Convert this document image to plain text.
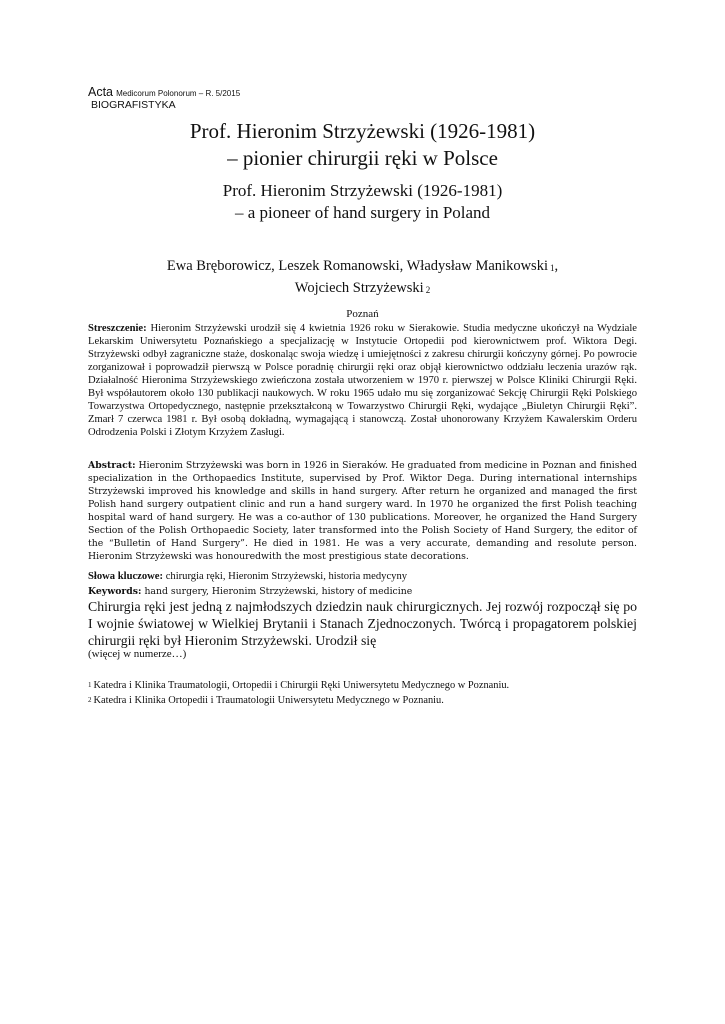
Acta Medicorum Polonorum – R. 5/2015
BIOGRAFISTYKA
Prof. Hieronim Strzyżewski (1926-1981)
– pionier chirurgii ręki w Polsce
Prof. Hieronim Strzyżewski (1926-1981)
– a pioneer of hand surgery in Poland
Ewa Bręborowicz, Leszek Romanowski, Władysław Manikowski $^1$,
Wojciech Strzyżewski $^2$
Poznań
Streszczenie: Hieronim Strzyżewski urodził się 4 kwietnia 1926 roku w Sierakowie. Studia medyczne ukończył na Wydziale Lekarskim Uniwersytetu Poznańskiego a specjalizację w Instytucie Ortopedii pod kierownictwem prof. Wiktora Degi. Strzyżewski odbył zagraniczne staże, doskonaląc swoja wiedzę i umiejętności z zakresu chirurgii kończyny górnej. Po powrocie zorganizował i poprowadził pierwszą w Polsce poradnię chirurgii ręki oraz objął kierownictwo oddziału leczenia urazów rąk. Działalność Hieronima Strzyżewskiego zwieńczona została utworzeniem w 1970 r. pierwszej w Polsce Kliniki Chirurgii Ręki. Był współautorem około 130 publikacji naukowych. W roku 1965 udało mu się zorganizować Sekcję Chirurgii Ręki Polskiego Towarzystwa Ortopedycznego, następnie przekształconą w Towarzystwo Chirurgii Ręki, wydające „Biuletyn Chirurgii Ręki”. Zmarł 7 czerwca 1981 r. Był osobą dokładną, wymagającą i stanowczą. Został uhonorowany Krzyżem Kawalerskim Orderu Odrodzenia Polski i Złotym Krzyżem Zasługi.
Abstract: Hieronim Strzyżewski was born in 1926 in Sieraków. He graduated from medicine in Poznan and finished specialization in the Orthopaedics Institute, supervised by Prof. Wiktor Dega. During international internships Strzyżewski improved his knowledge and skills in hand surgery. After return he organized and managed the first Polish hand surgery outpatient clinic and run a hand surgery ward. In 1970 he organized the first Polish teaching hospital ward of hand surgery. He was a co-author of 130 publications. Moreover, he organized the Hand Surgery Section of the Polish Orthopaedic Society, later transformed into the Polish Society of Hand Surgery, the editor of the “Bulletin of Hand Surgery”. He died in 1981. He was a very accurate, demanding and resolute person. Hieronim Strzyżewski was honouredwith the most prestigious state decorations.
Słowa kluczowe: chirurgia ręki, Hieronim Strzyżewski, historia medycyny
Keywords: hand surgery, Hieronim Strzyżewski, history of medicine
Chirurgia ręki jest jedną z najmłodszych dziedzin nauk chirurgicznych. Jej rozwój rozpoczął się po I wojnie światowej w Wielkiej Brytanii i Stanach Zjednoczonych. Twórcą i propagatorem polskiej chirurgii ręki był Hieronim Strzyżewski. Urodził się
(więcej w numerze…)
$^1$ Katedra i Klinika Traumatologii, Ortopedii i Chirurgii Ręki Uniwersytetu Medycznego w Poznaniu.
$^2$ Katedra i Klinika Ortopedii i Traumatologii Uniwersytetu Medycznego w Poznaniu.
